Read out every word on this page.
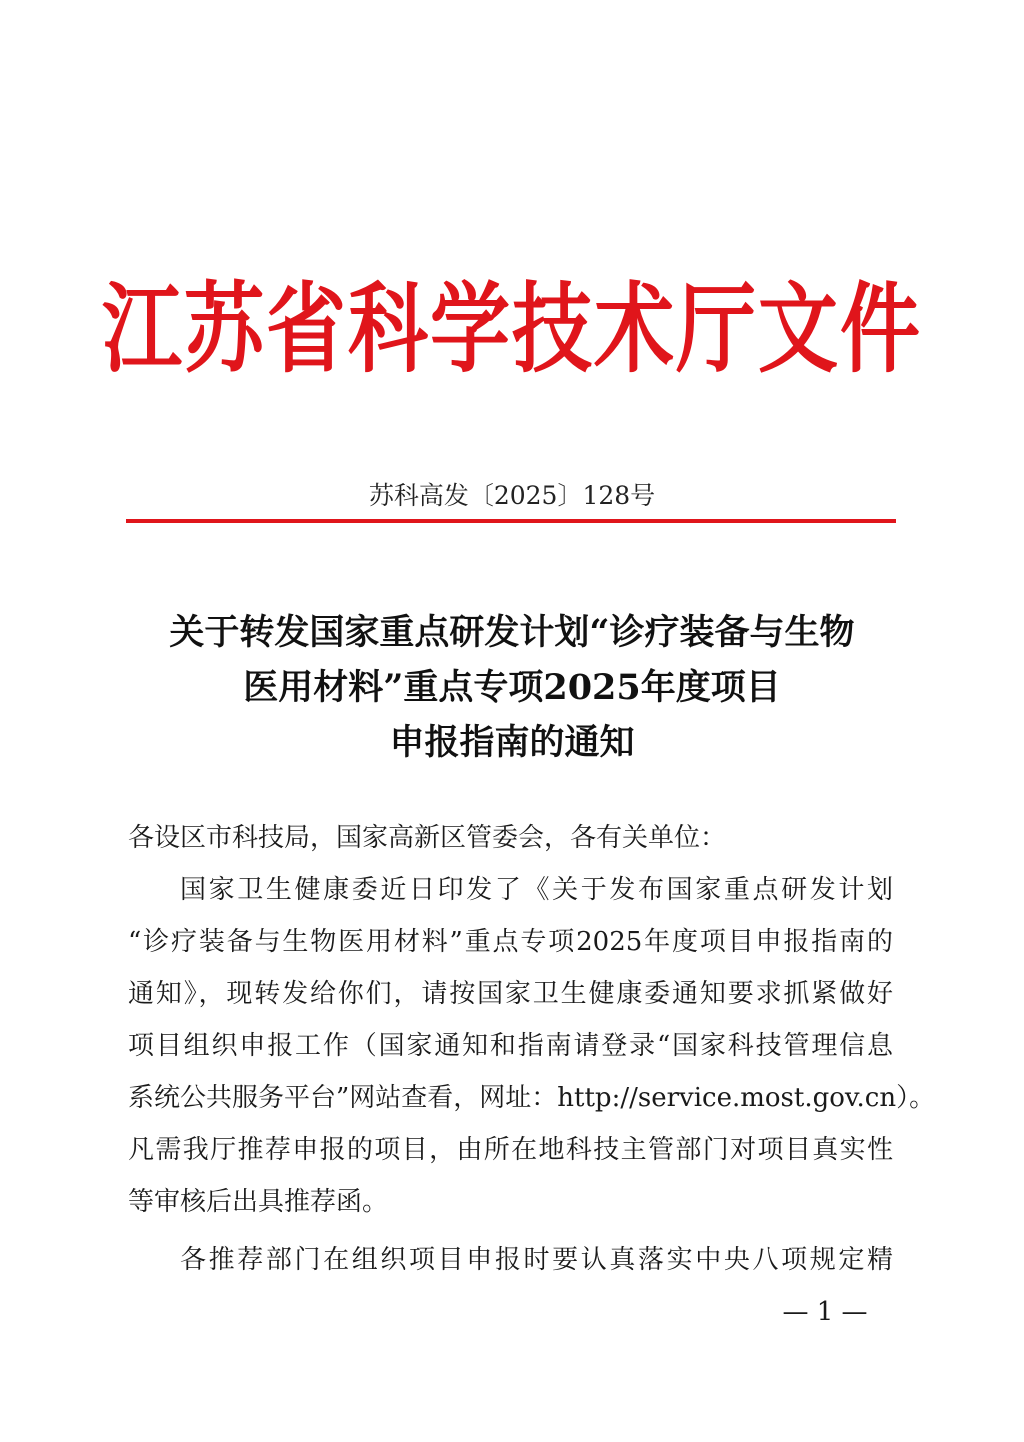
江苏省科学技术厅文件
苏科高发〔2025〕128号
关于转发国家重点研发计划“诊疗装备与生物
医用材料”重点专项2025年度项目
申报指南的通知
各设区市科技局，国家高新区管委会，各有关单位：
国家卫生健康委近日印发了《关于发布国家重点研发计划
“诊疗装备与生物医用材料”重点专项2025年度项目申报指南的
通知》，现转发给你们，请按国家卫生健康委通知要求抓紧做好
项目组织申报工作（国家通知和指南请登录“国家科技管理信息
系统公共服务平台”网站查看，网址：http://service.most.gov.cn）。
凡需我厅推荐申报的项目，由所在地科技主管部门对项目真实性
等审核后出具推荐函。
各推荐部门在组织项目申报时要认真落实中央八项规定精
— 1 —
